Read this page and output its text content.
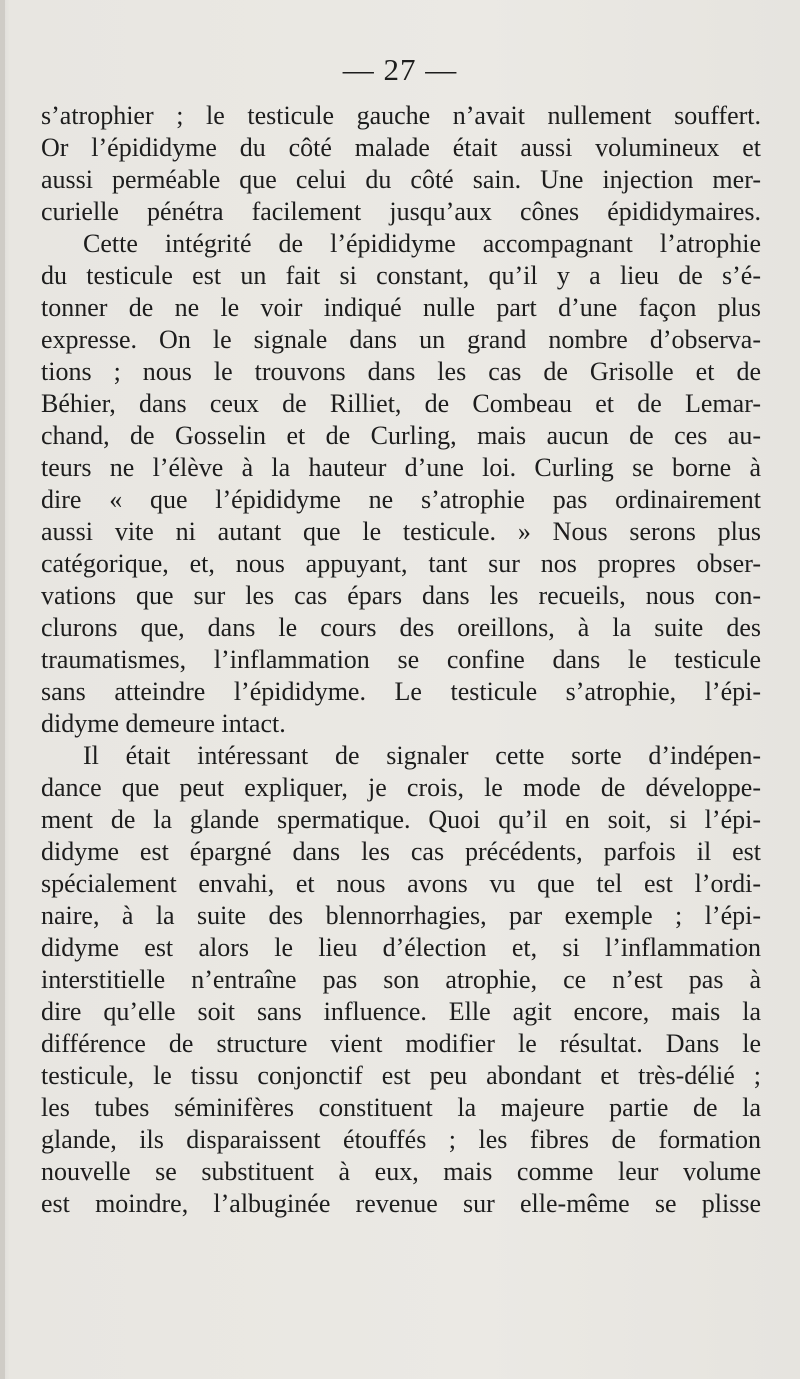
— 27 —
s’atrophier ; le testicule gauche n’avait nullement souffert.
Or l’épididyme du côté malade était aussi volumineux et
aussi perméable que celui du côté sain. Une injection mer-
curielle pénétra facilement jusqu’aux cônes épididymaires.
Cette intégrité de l’épididyme accompagnant l’atrophie
du testicule est un fait si constant, qu’il y a lieu de s’é-
tonner de ne le voir indiqué nulle part d’une façon plus
expresse. On le signale dans un grand nombre d’observa-
tions ; nous le trouvons dans les cas de Grisolle et de
Béhier, dans ceux de Rilliet, de Combeau et de Lemar-
chand, de Gosselin et de Curling, mais aucun de ces au-
teurs ne l’élève à la hauteur d’une loi. Curling se borne à
dire « que l’épididyme ne s’atrophie pas ordinairement
aussi vite ni autant que le testicule. » Nous serons plus
catégorique, et, nous appuyant, tant sur nos propres obser-
vations que sur les cas épars dans les recueils, nous con-
clurons que, dans le cours des oreillons, à la suite des
traumatismes, l’inflammation se confine dans le testicule
sans atteindre l’épididyme. Le testicule s’atrophie, l’épi-
didyme demeure intact.
Il était intéressant de signaler cette sorte d’indépen-
dance que peut expliquer, je crois, le mode de développe-
ment de la glande spermatique. Quoi qu’il en soit, si l’épi-
didyme est épargné dans les cas précédents, parfois il est
spécialement envahi, et nous avons vu que tel est l’ordi-
naire, à la suite des blennorrhagies, par exemple ; l’épi-
didyme est alors le lieu d’élection et, si l’inflammation
interstitielle n’entraîne pas son atrophie, ce n’est pas à
dire qu’elle soit sans influence. Elle agit encore, mais la
différence de structure vient modifier le résultat. Dans le
testicule, le tissu conjonctif est peu abondant et très-délié ;
les tubes séminifères constituent la majeure partie de la
glande, ils disparaissent étouffés ; les fibres de formation
nouvelle se substituent à eux, mais comme leur volume
est moindre, l’albuginée revenue sur elle-même se plisse
